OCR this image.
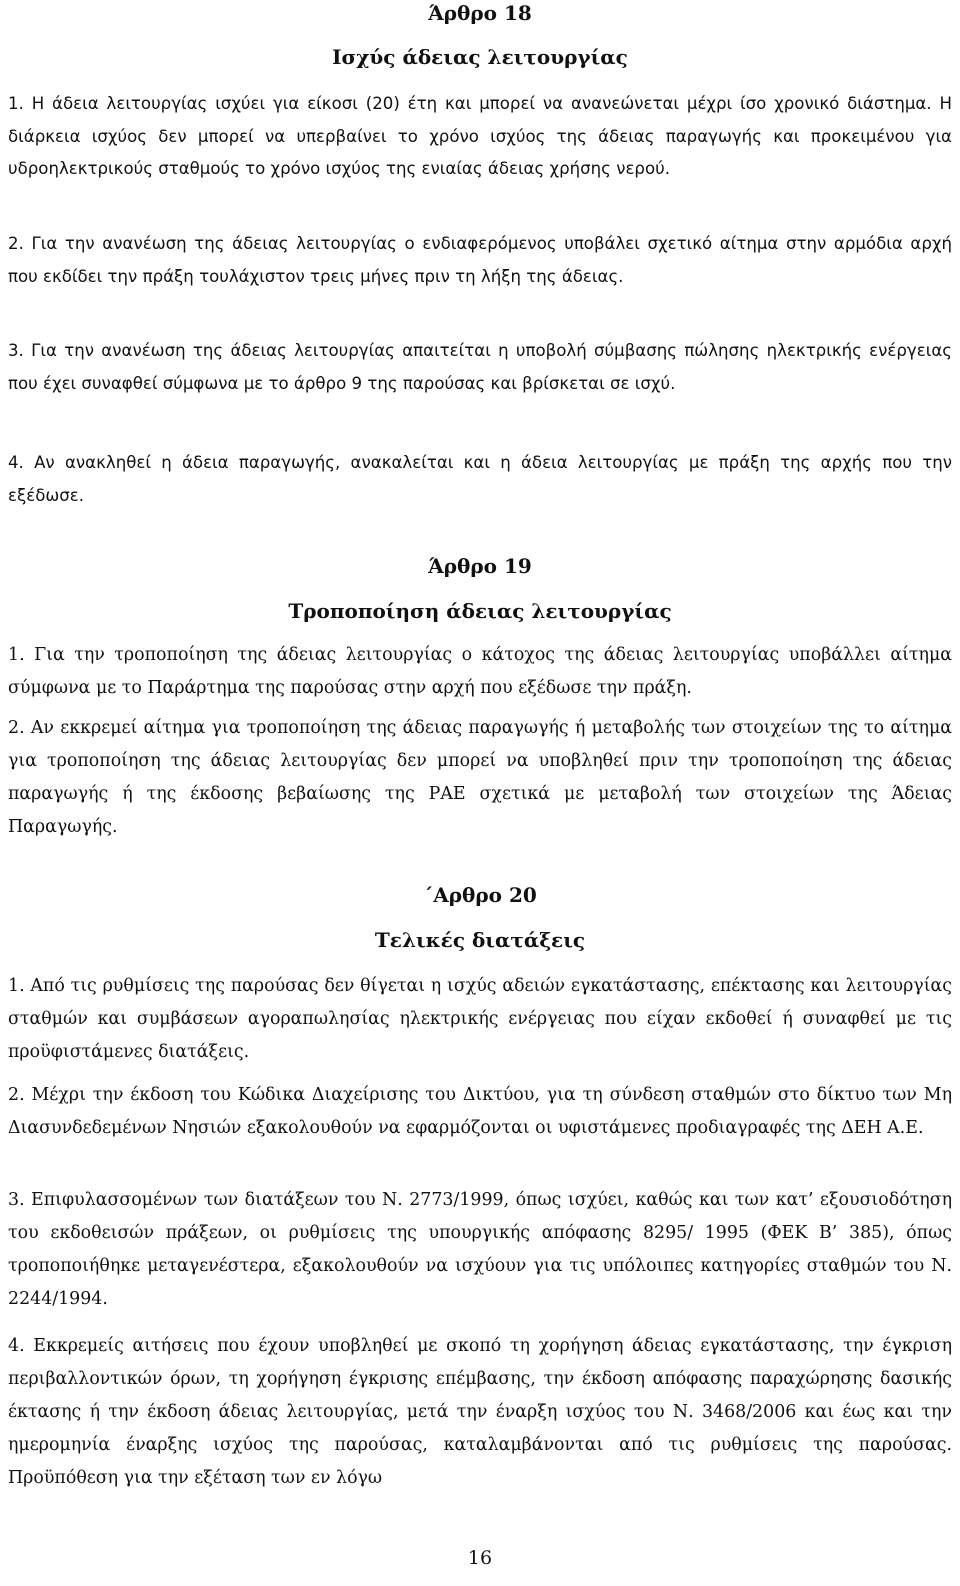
Άρθρο 18
Ισχύς άδειας λειτουργίας

1. Η άδεια λειτουργίας ισχύει για είκοσι (20) έτη και μπορεί να ανανεώνεται μέχρι ίσο χρονικό διάστημα. Η διάρκεια ισχύος δεν μπορεί να υπερβαίνει το χρόνο ισχύος της άδειας παραγωγής και προκειμένου για υδροηλεκτρικούς σταθμούς το χρόνο ισχύος της ενιαίας άδειας χρήσης νερού.

2. Για την ανανέωση της άδειας λειτουργίας ο ενδιαφερόμενος υποβάλει σχετικό αίτημα στην αρμόδια αρχή που εκδίδει την πράξη τουλάχιστον τρεις μήνες πριν τη λήξη της άδειας.

3. Για την ανανέωση της άδειας λειτουργίας απαιτείται η υποβολή σύμβασης πώλησης ηλεκτρικής ενέργειας που έχει συναφθεί σύμφωνα με το άρθρο 9 της παρούσας και βρίσκεται σε ισχύ.

4. Αν ανακληθεί η άδεια παραγωγής, ανακαλείται και η άδεια λειτουργίας με πράξη της αρχής που την εξέδωσε.

Άρθρο 19
Τροποποίηση άδειας λειτουργίας

1. Για την τροποποίηση της άδειας λειτουργίας ο κάτοχος της άδειας λειτουργίας υποβάλλει αίτημα σύμφωνα με το Παράρτημα της παρούσας στην αρχή που εξέδωσε την πράξη.

2. Αν εκκρεμεί αίτημα για τροποποίηση της άδειας παραγωγής ή μεταβολής των στοιχείων της το αίτημα για τροποποίηση της άδειας λειτουργίας δεν μπορεί να υποβληθεί πριν την τροποποίηση της άδειας παραγωγής ή της έκδοσης βεβαίωσης της ΡΑΕ σχετικά με μεταβολή των στοιχείων της Άδειας Παραγωγής.

΄Αρθρο 20
Τελικές διατάξεις

1. Από τις ρυθμίσεις της παρούσας δεν θίγεται η ισχύς αδειών εγκατάστασης, επέκτασης και λειτουργίας σταθμών και συμβάσεων αγοραπωλησίας ηλεκτρικής ενέργειας που είχαν εκδοθεί ή συναφθεί με τις προϋφιστάμενες διατάξεις.

2. Μέχρι την έκδοση του Κώδικα Διαχείρισης του Δικτύου, για τη σύνδεση σταθμών στο δίκτυο των Μη Διασυνδεδεμένων Νησιών εξακολουθούν να εφαρμόζονται οι υφιστάμενες προδιαγραφές της ΔΕΗ Α.Ε.

3. Επιφυλασσομένων των διατάξεων του Ν. 2773/1999, όπως ισχύει, καθώς και των κατ’ εξουσιοδότηση του εκδοθεισών πράξεων, οι ρυθμίσεις της υπουργικής απόφασης 8295/ 1995 (ΦΕΚ Β’ 385), όπως τροποποιήθηκε μεταγενέστερα, εξακολουθούν να ισχύουν για τις υπόλοιπες κατηγορίες σταθμών του Ν. 2244/1994.

4. Εκκρεμείς αιτήσεις που έχουν υποβληθεί με σκοπό τη χορήγηση άδειας εγκατάστασης, την έγκριση περιβαλλοντικών όρων, τη χορήγηση έγκρισης επέμβασης, την έκδοση απόφασης παραχώρησης δασικής έκτασης ή την έκδοση άδειας λειτουργίας, μετά την έναρξη ισχύος του Ν. 3468/2006 και έως και την ημερομηνία έναρξης ισχύος της παρούσας, καταλαμβάνονται από τις ρυθμίσεις της παρούσας. Προϋπόθεση για την εξέταση των εν λόγω

16
